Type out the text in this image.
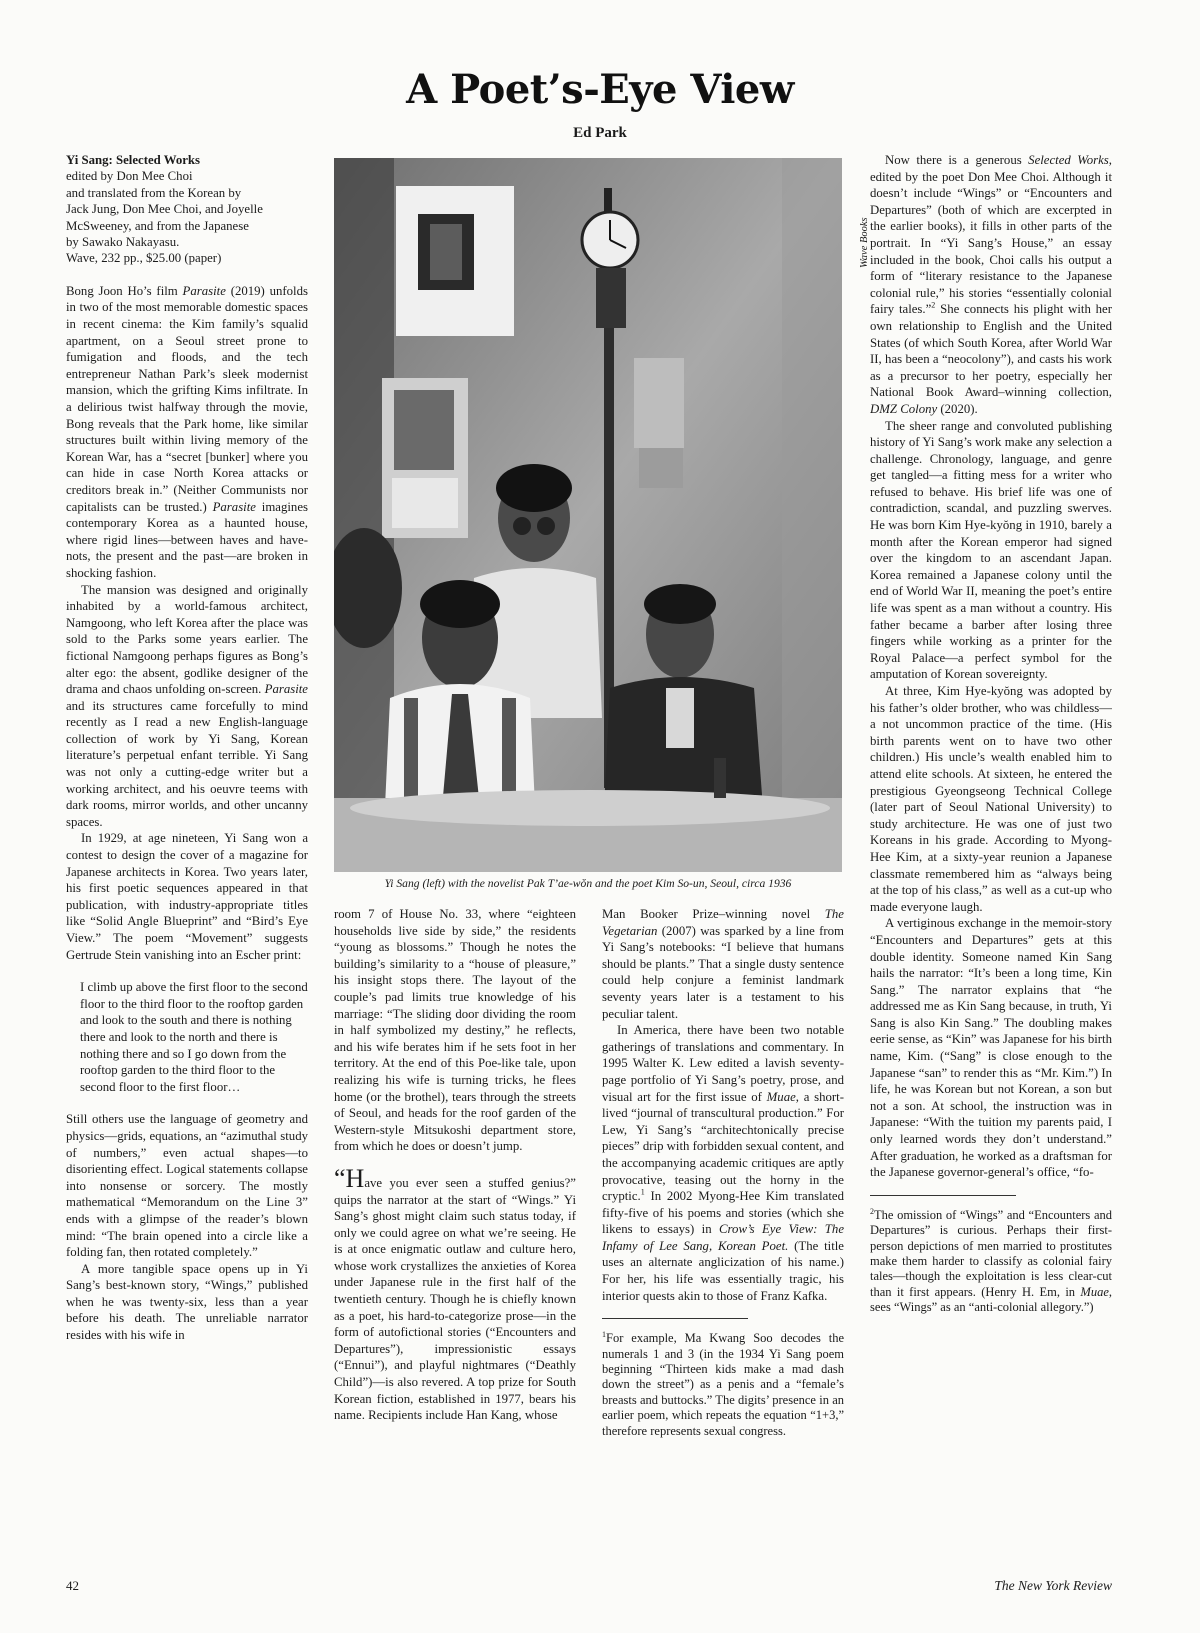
A Poet’s-Eye View
Ed Park
Yi Sang: Selected Works
edited by Don Mee Choi
and translated from the Korean by
Jack Jung, Don Mee Choi, and Joyelle
McSweeney, and from the Japanese
by Sawako Nakayasu.
Wave, 232 pp., $25.00 (paper)

Bong Joon Ho’s film Parasite (2019) unfolds in two of the most memorable domestic spaces in recent cinema: the Kim family’s squalid apartment, on a Seoul street prone to fumigation and floods, and the tech entrepreneur Nathan Park’s sleek modernist mansion, which the grifting Kims infiltrate. In a delirious twist halfway through the movie, Bong reveals that the Park home, like similar structures built within living memory of the Korean War, has a “secret [bunker] where you can hide in case North Korea attacks or creditors break in.” (Neither Communists nor capitalists can be trusted.) Parasite imagines contemporary Korea as a haunted house, where rigid lines—between haves and have-nots, the present and the past—are broken in shocking fashion.

The mansion was designed and originally inhabited by a world-famous architect, Namgoong, who left Korea after the place was sold to the Parks some years earlier. The fictional Namgoong perhaps figures as Bong’s alter ego: the absent, godlike designer of the drama and chaos unfolding on-screen. Parasite and its structures came forcefully to mind recently as I read a new English-language collection of work by Yi Sang, Korean literature’s perpetual enfant terrible. Yi Sang was not only a cutting-edge writer but a working architect, and his oeuvre teems with dark rooms, mirror worlds, and other uncanny spaces.

In 1929, at age nineteen, Yi Sang won a contest to design the cover of a magazine for Japanese architects in Korea. Two years later, his first poetic sequences appeared in that publication, with industry-appropriate titles like “Solid Angle Blueprint” and “Bird’s Eye View.” The poem “Movement” suggests Gertrude Stein vanishing into an Escher print:

I climb up above the first floor to the second floor to the third floor to the rooftop garden and look to the south and there is nothing there and look to the north and there is nothing there and so I go down from the rooftop garden to the third floor to the second floor to the first floor…

Still others use the language of geometry and physics—grids, equations, an “azimuthal study of numbers,” even actual shapes—to disorienting effect. Logical statements collapse into nonsense or sorcery. The mostly mathematical “Memorandum on the Line 3” ends with a glimpse of the reader’s blown mind: “The brain opened into a circle like a folding fan, then rotated completely.”

A more tangible space opens up in Yi Sang’s best-known story, “Wings,” published when he was twenty-six, less than a year before his death. The unreliable narrator resides with his wife in

Wave Books
Yi Sang (left) with the novelist Pak T’ae-wŏn and the poet Kim So-un, Seoul, circa 1936

room 7 of House No. 33, where “eighteen households live side by side,” the residents “young as blossoms.” Though he notes the building’s similarity to a “house of pleasure,” his insight stops there. The layout of the couple’s pad limits true knowledge of his marriage: “The sliding door dividing the room in half symbolized my destiny,” he reflects, and his wife berates him if he sets foot in her territory. At the end of this Poe-like tale, upon realizing his wife is turning tricks, he flees home (or the brothel), tears through the streets of Seoul, and heads for the roof garden of the Western-style Mitsukoshi department store, from which he does or doesn’t jump.

“Have you ever seen a stuffed genius?” quips the narrator at the start of “Wings.” Yi Sang’s ghost might claim such status today, if only we could agree on what we’re seeing. He is at once enigmatic outlaw and culture hero, whose work crystallizes the anxieties of Korea under Japanese rule in the first half of the twentieth century. Though he is chiefly known as a poet, his hard-to-categorize prose—in the form of autofictional stories (“Encounters and Departures”), impressionistic essays (“Ennui”), and playful nightmares (“Deathly Child”)—is also revered. A top prize for South Korean fiction, established in 1977, bears his name. Recipients include Han Kang, whose

Man Booker Prize–winning novel The Vegetarian (2007) was sparked by a line from Yi Sang’s notebooks: “I believe that humans should be plants.” That a single dusty sentence could help conjure a feminist landmark seventy years later is a testament to his peculiar talent.

In America, there have been two notable gatherings of translations and commentary. In 1995 Walter K. Lew edited a lavish seventy-page portfolio of Yi Sang’s poetry, prose, and visual art for the first issue of Muae, a short-lived “journal of transcultural production.” For Lew, Yi Sang’s “architechtonically precise pieces” drip with forbidden sexual content, and the accompanying academic critiques are aptly provocative, teasing out the horny in the cryptic.$^1$ In 2002 Myong-Hee Kim translated fifty-five of his poems and stories (which she likens to essays) in Crow’s Eye View: The Infamy of Lee Sang, Korean Poet. (The title uses an alternate anglicization of his name.) For her, his life was essentially tragic, his interior quests akin to those of Franz Kafka.

$^1$For example, Ma Kwang Soo decodes the numerals 1 and 3 (in the 1934 Yi Sang poem beginning “Thirteen kids make a mad dash down the street”) as a penis and a “female’s breasts and buttocks.” The digits’ presence in an earlier poem, which repeats the equation “1+3,” therefore represents sexual congress.

Now there is a generous Selected Works, edited by the poet Don Mee Choi. Although it doesn’t include “Wings” or “Encounters and Departures” (both of which are excerpted in the earlier books), it fills in other parts of the portrait. In “Yi Sang’s House,” an essay included in the book, Choi calls his output a form of “literary resistance to the Japanese colonial rule,” his stories “essentially colonial fairy tales.”$^2$ She connects his plight with her own relationship to English and the United States (of which South Korea, after World War II, has been a “neocolony”), and casts his work as a precursor to her poetry, especially her National Book Award–winning collection, DMZ Colony (2020).

The sheer range and convoluted publishing history of Yi Sang’s work make any selection a challenge. Chronology, language, and genre get tangled—a fitting mess for a writer who refused to behave. His brief life was one of contradiction, scandal, and puzzling swerves. He was born Kim Hye-kyŏng in 1910, barely a month after the Korean emperor had signed over the kingdom to an ascendant Japan. Korea remained a Japanese colony until the end of World War II, meaning the poet’s entire life was spent as a man without a country. His father became a barber after losing three fingers while working as a printer for the Royal Palace—a perfect symbol for the amputation of Korean sovereignty.

At three, Kim Hye-kyŏng was adopted by his father’s older brother, who was childless—a not uncommon practice of the time. (His birth parents went on to have two other children.) His uncle’s wealth enabled him to attend elite schools. At sixteen, he entered the prestigious Gyeongseong Technical College (later part of Seoul National University) to study architecture. He was one of just two Koreans in his grade. According to Myong-Hee Kim, at a sixty-year reunion a Japanese classmate remembered him as “always being at the top of his class,” as well as a cut-up who made everyone laugh.

A vertiginous exchange in the memoir-story “Encounters and Departures” gets at this double identity. Someone named Kin Sang hails the narrator: “It’s been a long time, Kin Sang.” The narrator explains that “he addressed me as Kin Sang because, in truth, Yi Sang is also Kin Sang.” The doubling makes eerie sense, as “Kin” was Japanese for his birth name, Kim. (“Sang” is close enough to the Japanese “san” to render this as “Mr. Kim.”) In life, he was Korean but not Korean, a son but not a son. At school, the instruction was in Japanese: “With the tuition my parents paid, I only learned words they don’t understand.” After graduation, he worked as a draftsman for the Japanese governor-general’s office, “fo-

$^2$The omission of “Wings” and “Encounters and Departures” is curious. Perhaps their first-person depictions of men married to prostitutes make them harder to classify as colonial fairy tales—though the exploitation is less clear-cut than it first appears. (Henry H. Em, in Muae, sees “Wings” as an “anti-colonial allegory.”)
42	The New York Review
